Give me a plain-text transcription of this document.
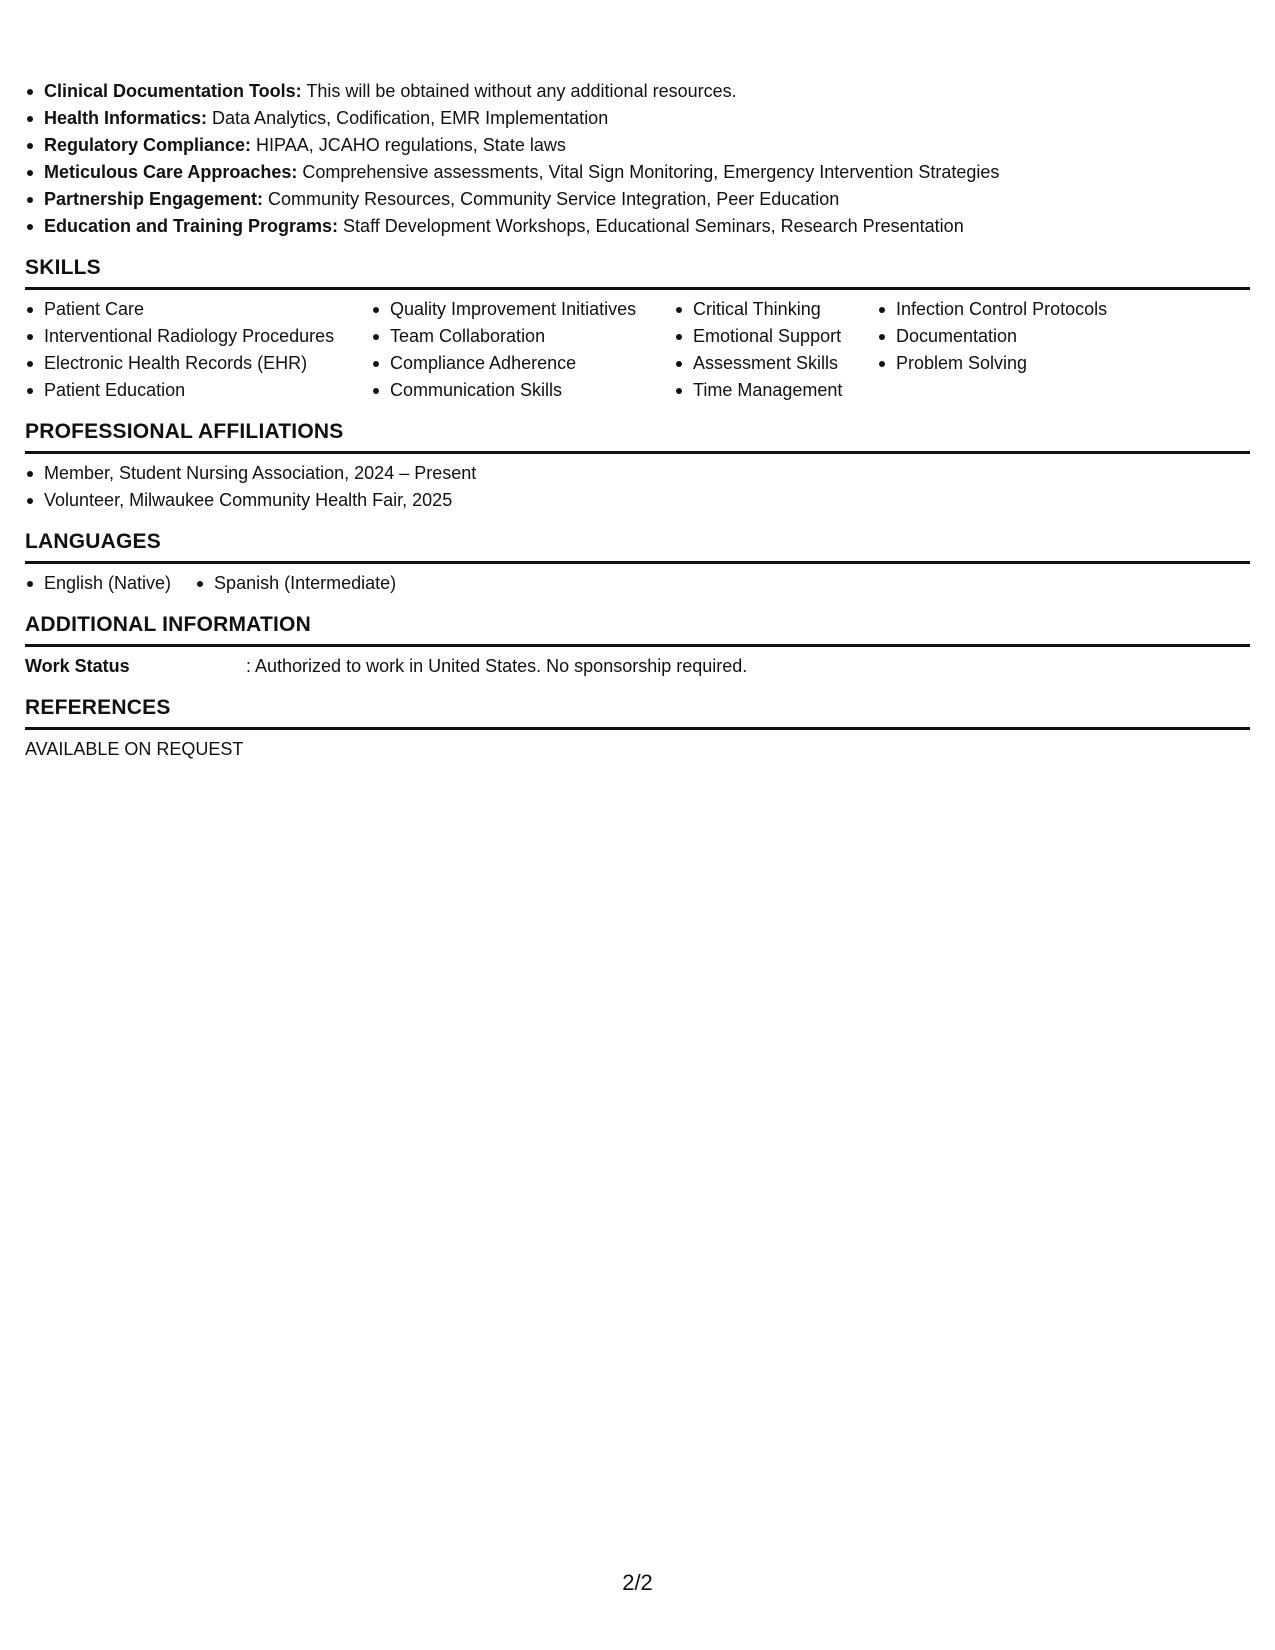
Clinical Documentation Tools: This will be obtained without any additional resources.
Health Informatics: Data Analytics, Codification, EMR Implementation
Regulatory Compliance: HIPAA, JCAHO regulations, State laws
Meticulous Care Approaches: Comprehensive assessments, Vital Sign Monitoring, Emergency Intervention Strategies
Partnership Engagement: Community Resources, Community Service Integration, Peer Education
Education and Training Programs: Staff Development Workshops, Educational Seminars, Research Presentation
SKILLS
Patient Care
Interventional Radiology Procedures
Electronic Health Records (EHR)
Patient Education
Quality Improvement Initiatives
Team Collaboration
Compliance Adherence
Communication Skills
Critical Thinking
Emotional Support
Assessment Skills
Time Management
Infection Control Protocols
Documentation
Problem Solving
PROFESSIONAL AFFILIATIONS
Member, Student Nursing Association, 2024 – Present
Volunteer, Milwaukee Community Health Fair, 2025
LANGUAGES
English (Native)	Spanish (Intermediate)
ADDITIONAL INFORMATION
Work Status	: Authorized to work in United States. No sponsorship required.
REFERENCES
AVAILABLE ON REQUEST
2/2
